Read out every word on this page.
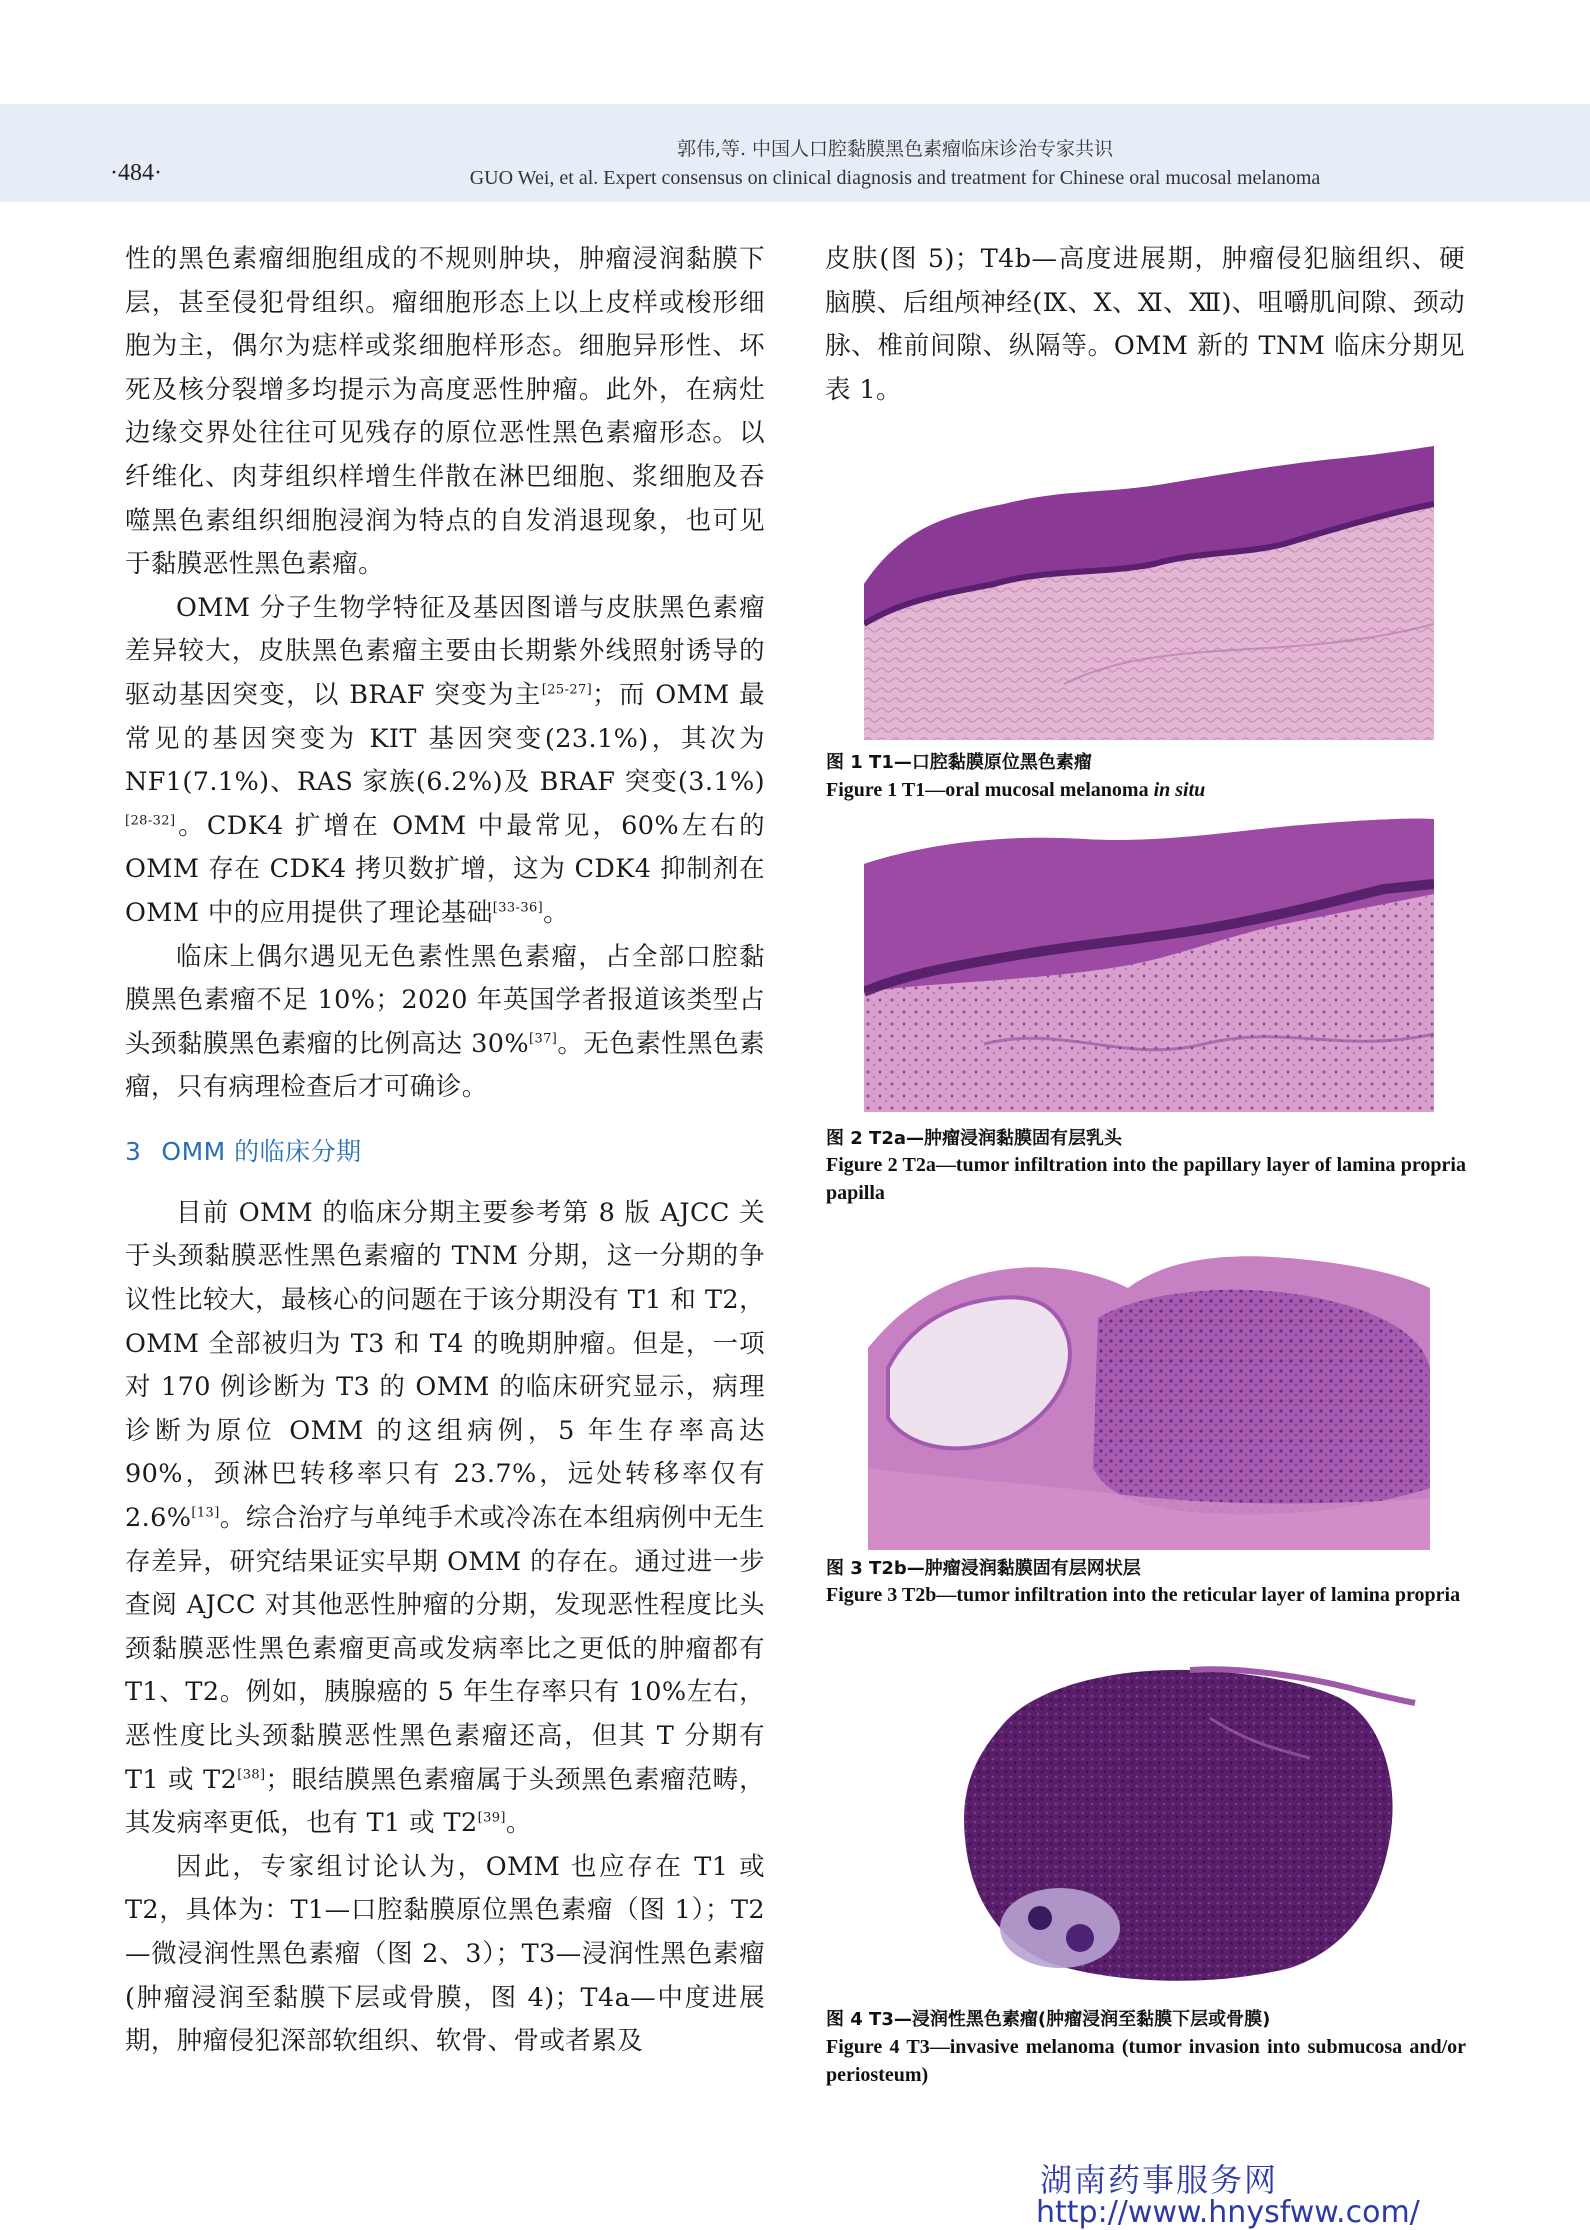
·484·
郭伟,等. 中国人口腔黏膜黑色素瘤临床诊治专家共识
GUO Wei, et al. Expert consensus on clinical diagnosis and treatment for Chinese oral mucosal melanoma

性的黑色素瘤细胞组成的不规则肿块，肿瘤浸润黏膜下层，甚至侵犯骨组织。瘤细胞形态上以上皮样或梭形细胞为主，偶尔为痣样或浆细胞样形态。细胞异形性、坏死及核分裂增多均提示为高度恶性肿瘤。此外，在病灶边缘交界处往往可见残存的原位恶性黑色素瘤形态。以纤维化、肉芽组织样增生伴散在淋巴细胞、浆细胞及吞噬黑色素组织细胞浸润为特点的自发消退现象，也可见于黏膜恶性黑色素瘤。

OMM 分子生物学特征及基因图谱与皮肤黑色素瘤差异较大，皮肤黑色素瘤主要由长期紫外线照射诱导的驱动基因突变，以 BRAF 突变为主[25-27]；而 OMM 最常见的基因突变为 KIT 基因突变(23.1%)，其次为 NF1(7.1%)、RAS 家族(6.2%)及 BRAF 突变(3.1%)[28-32]。CDK4 扩增在 OMM 中最常见，60%左右的 OMM 存在 CDK4 拷贝数扩增，这为 CDK4 抑制剂在 OMM 中的应用提供了理论基础[33-36]。

临床上偶尔遇见无色素性黑色素瘤，占全部口腔黏膜黑色素瘤不足 10%；2020 年英国学者报道该类型占头颈黏膜黑色素瘤的比例高达 30%[37]。无色素性黑色素瘤，只有病理检查后才可确诊。

3 OMM 的临床分期

目前 OMM 的临床分期主要参考第 8 版 AJCC 关于头颈黏膜恶性黑色素瘤的 TNM 分期，这一分期的争议性比较大，最核心的问题在于该分期没有 T1 和 T2，OMM 全部被归为 T3 和 T4 的晚期肿瘤。但是，一项对 170 例诊断为 T3 的 OMM 的临床研究显示，病理诊断为原位 OMM 的这组病例，5 年生存率高达90%，颈淋巴转移率只有 23.7%，远处转移率仅有 2.6%[13]。综合治疗与单纯手术或冷冻在本组病例中无生存差异，研究结果证实早期 OMM 的存在。通过进一步查阅 AJCC 对其他恶性肿瘤的分期，发现恶性程度比头颈黏膜恶性黑色素瘤更高或发病率比之更低的肿瘤都有 T1、T2。例如，胰腺癌的 5 年生存率只有 10%左右，恶性度比头颈黏膜恶性黑色素瘤还高，但其 T 分期有 T1 或 T2[38]；眼结膜黑色素瘤属于头颈黑色素瘤范畴，其发病率更低，也有 T1 或 T2[39]。

因此，专家组讨论认为，OMM 也应存在 T1 或 T2，具体为：T1—口腔黏膜原位黑色素瘤（图 1）；T2—微浸润性黑色素瘤（图 2、3）；T3—浸润性黑色素瘤(肿瘤浸润至黏膜下层或骨膜，图 4)；T4a—中度进展期，肿瘤侵犯深部软组织、软骨、骨或者累及

皮肤(图 5)；T4b—高度进展期，肿瘤侵犯脑组织、硬脑膜、后组颅神经(Ⅸ、Ⅹ、Ⅺ、Ⅻ)、咀嚼肌间隙、颈动脉、椎前间隙、纵隔等。OMM 新的 TNM 临床分期见表 1。

图 1 T1—口腔黏膜原位黑色素瘤
Figure 1 T1—oral mucosal melanoma in situ
图 2 T2a—肿瘤浸润黏膜固有层乳头
Figure 2 T2a—tumor infiltration into the papillary layer of lamina propria papilla
图 3 T2b—肿瘤浸润黏膜固有层网状层
Figure 3 T2b—tumor infiltration into the reticular layer of lamina propria
图 4 T3—浸润性黑色素瘤(肿瘤浸润至黏膜下层或骨膜)
Figure 4 T3—invasive melanoma (tumor invasion into submucosa and/or periosteum)
湖南药事服务网
http://www.hnysfww.com/
